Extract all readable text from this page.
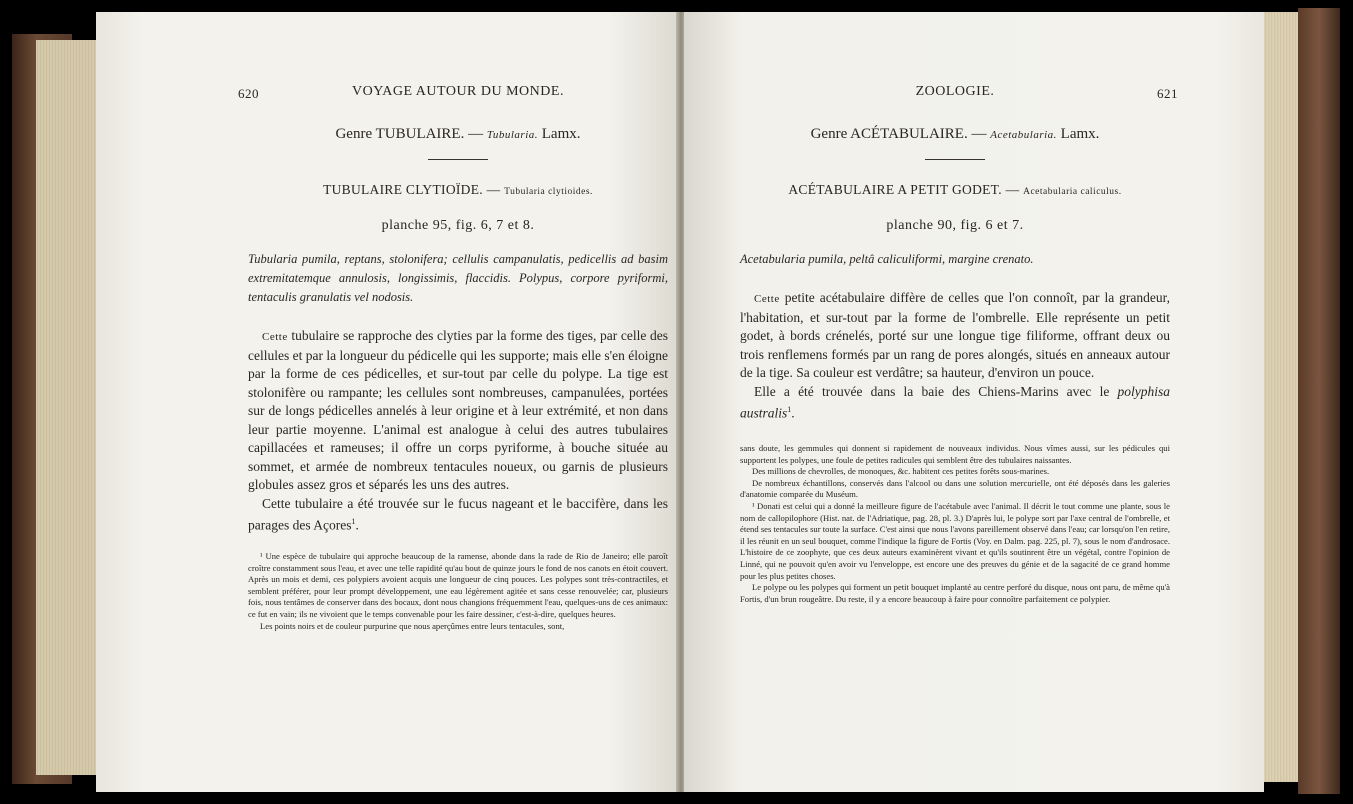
620	VOYAGE AUTOUR DU MONDE.
Genre TUBULAIRE. — Tubularia. Lamx.
TUBULAIRE CLYTIOÏDE. — Tubularia clytioides.
planche 95, fig. 6, 7 et 8.

Tubularia pumila, reptans, stolonifera; cellulis campanulatis, pedicellis ad basim extremitatemque annulosis, longissimis, flaccidis. Polypus, corpore pyriformi, tentaculis granulatis vel nodosis.

Cette tubulaire se rapproche des clyties par la forme des tiges, par celle des cellules et par la longueur du pédicelle qui les supporte; mais elle s'en éloigne par la forme de ces pédicelles, et sur-tout par celle du polype. La tige est stolonifère ou rampante; les cellules sont nombreuses, campanulées, portées sur de longs pédicelles annelés à leur origine et à leur extrémité, et non dans leur partie moyenne. L'animal est analogue à celui des autres tubulaires capillacées et rameuses; il offre un corps pyriforme, à bouche située au sommet, et armée de nombreux tentacules noueux, ou garnis de plusieurs globules assez gros et séparés les uns des autres.

Cette tubulaire a été trouvée sur le fucus nageant et le baccifère, dans les parages des Açores$^1$.

¹ Une espèce de tubulaire qui approche beaucoup de la ramense, abonde dans la rade de Rio de Janeiro; elle paroît croître constamment sous l'eau, et avec une telle rapidité qu'au bout de quinze jours le fond de nos canots en étoit couvert. Après un mois et demi, ces polypiers avoient acquis une longueur de cinq pouces. Les polypes sont très-contractiles, et semblent préférer, pour leur prompt développement, une eau légèrement agitée et sans cesse renouvelée; car, plusieurs fois, nous tentâmes de conserver dans des bocaux, dont nous changions fréquemment l'eau, quelques-uns de ces animaux: ce fut en vain; ils ne vivoient que le temps convenable pour les faire dessiner, c'est-à-dire, quelques heures.

Les points noirs et de couleur purpurine que nous aperçûmes entre leurs tentacules, sont,

ZOOLOGIE.	621
Genre ACÉTABULAIRE. — Acetabularia. Lamx.
ACÉTABULAIRE A PETIT GODET. — Acetabularia caliculus.
planche 90, fig. 6 et 7.

Acetabularia pumila, peltâ caliculiformi, margine crenato.

Cette petite acétabulaire diffère de celles que l'on connoît, par la grandeur, l'habitation, et sur-tout par la forme de l'ombrelle. Elle représente un petit godet, à bords crénelés, porté sur une longue tige filiforme, offrant deux ou trois renflemens formés par un rang de pores alongés, situés en anneaux autour de la tige. Sa couleur est verdâtre; sa hauteur, d'environ un pouce.

Elle a été trouvée dans la baie des Chiens-Marins avec le polyphisa australis$^1$.

sans doute, les gemmules qui donnent si rapidement de nouveaux individus. Nous vîmes aussi, sur les pédicules qui supportent les polypes, une foule de petites radicules qui semblent être des tubulaires naissantes.

Des millions de chevrolles, de monoques, &c. habitent ces petites forêts sous-marines.

De nombreux échantillons, conservés dans l'alcool ou dans une solution mercurielle, ont été déposés dans les galeries d'anatomie comparée du Muséum.

¹ Donati est celui qui a donné la meilleure figure de l'acétabule avec l'animal. Il décrit le tout comme une plante, sous le nom de callopilophore (Hist. nat. de l'Adriatique, pag. 28, pl. 3.) D'après lui, le polype sort par l'axe central de l'ombrelle, et étend ses tentacules sur toute la surface. C'est ainsi que nous l'avons pareillement observé dans l'eau; car lorsqu'on l'en retire, il les réunit en un seul bouquet, comme l'indique la figure de Fortis (Voy. en Dalm. pag. 225, pl. 7), sous le nom d'androsace. L'histoire de ce zoophyte, que ces deux auteurs examinèrent vivant et qu'ils soutinrent être un végétal, contre l'opinion de Linné, qui ne pouvoit qu'en avoir vu l'enveloppe, est encore une des preuves du génie et de la sagacité de ce grand homme pour les plus petites choses.

Le polype ou les polypes qui forment un petit bouquet implanté au centre perforé du disque, nous ont paru, de même qu'à Fortis, d'un brun rougeâtre. Du reste, il y a encore beaucoup à faire pour connoître parfaitement ce polypier.
